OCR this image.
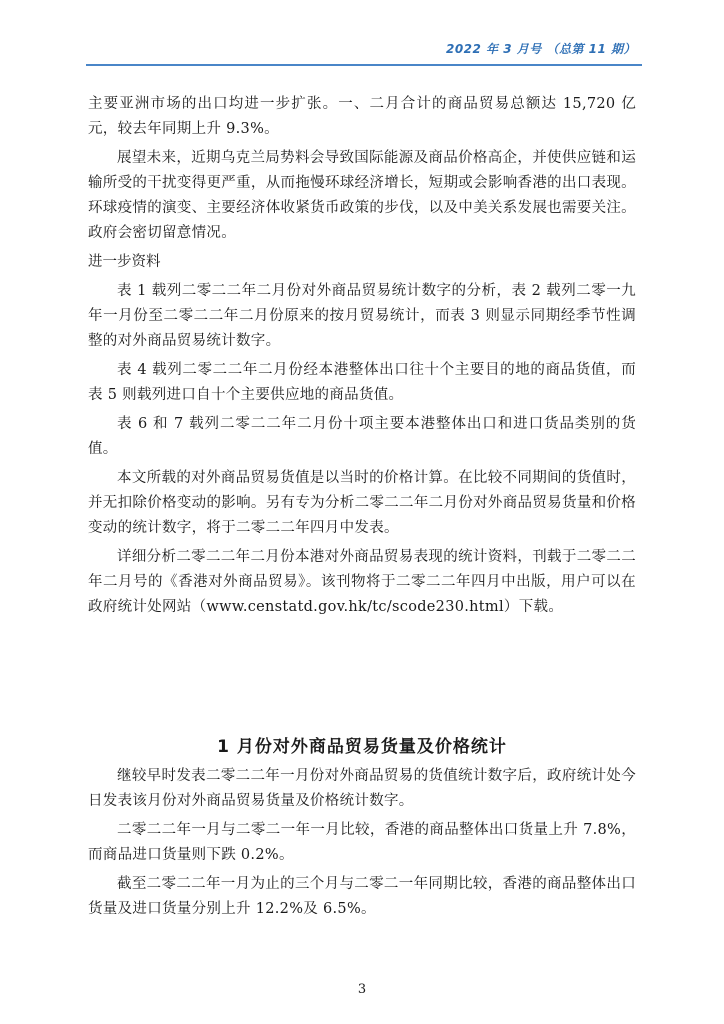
2022 年 3 月号 （总第 11 期）

主要亚洲市场的出口均进一步扩张。一、二月合计的商品贸易总额达 15,720 亿元，较去年同期上升 9.3%。

展望未来，近期乌克兰局势料会导致国际能源及商品价格高企，并使供应链和运输所受的干扰变得更严重，从而拖慢环球经济增长，短期或会影响香港的出口表现。环球疫情的演变、主要经济体收紧货币政策的步伐，以及中美关系发展也需要关注。政府会密切留意情况。

进一步资料

表 1 载列二零二二年二月份对外商品贸易统计数字的分析，表 2 载列二零一九年一月份至二零二二年二月份原来的按月贸易统计，而表 3 则显示同期经季节性调整的对外商品贸易统计数字。

表 4 载列二零二二年二月份经本港整体出口往十个主要目的地的商品货值，而表 5 则载列进口自十个主要供应地的商品货值。

表 6 和 7 载列二零二二年二月份十项主要本港整体出口和进口货品类别的货值。

本文所载的对外商品贸易货值是以当时的价格计算。在比较不同期间的货值时，并无扣除价格变动的影响。另有专为分析二零二二年二月份对外商品贸易货量和价格变动的统计数字，将于二零二二年四月中发表。

详细分析二零二二年二月份本港对外商品贸易表现的统计资料，刊载于二零二二年二月号的《香港对外商品贸易》。该刊物将于二零二二年四月中出版，用户可以在政府统计处网站（www.censtatd.gov.hk/tc/scode230.html）下载。

1 月份对外商品贸易货量及价格统计

继较早时发表二零二二年一月份对外商品贸易的货值统计数字后，政府统计处今日发表该月份对外商品贸易货量及价格统计数字。

二零二二年一月与二零二一年一月比较，香港的商品整体出口货量上升 7.8%，而商品进口货量则下跌 0.2%。

截至二零二二年一月为止的三个月与二零二一年同期比较，香港的商品整体出口货量及进口货量分别上升 12.2%及 6.5%。

3
